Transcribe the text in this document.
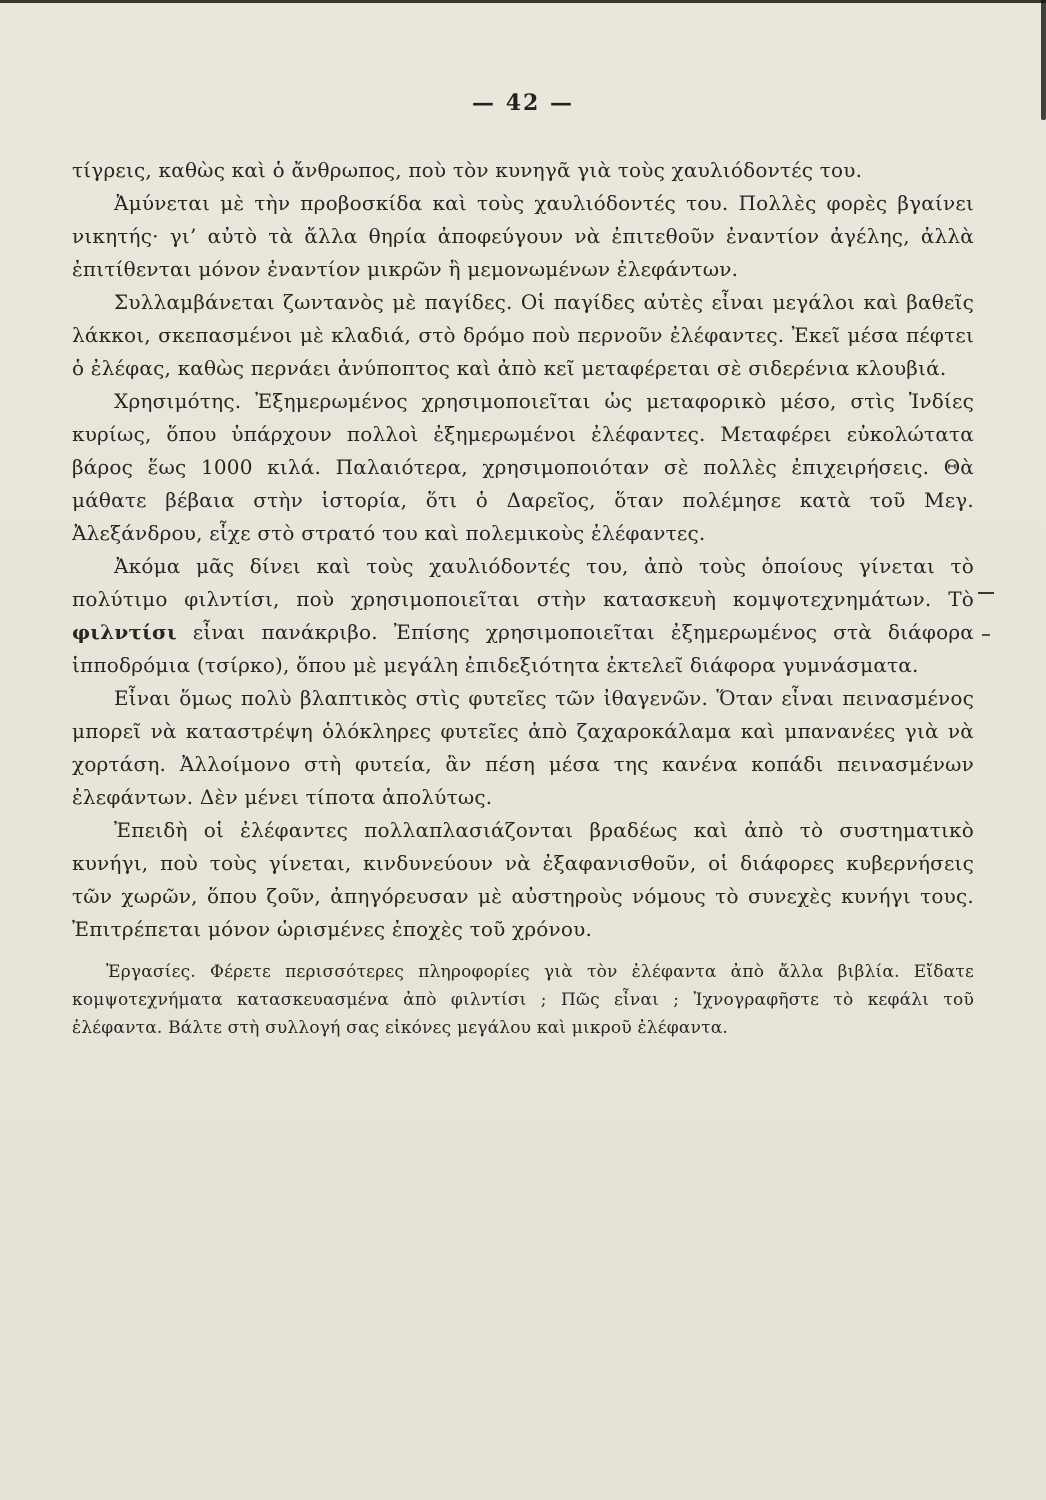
— 42 —

τίγρεις, καθὼς καὶ ὁ ἄνθρωπος, ποὺ τὸν κυνηγᾶ γιὰ τοὺς χαυλιόδοντές του.

Ἀμύνεται μὲ τὴν προβοσκίδα καὶ τοὺς χαυλιόδοντές του. Πολλὲς φορὲς βγαίνει νικητής· γι’ αὐτὸ τὰ ἄλλα θηρία ἀποφεύγουν νὰ ἐπιτεθοῦν ἐναντίον ἀγέλης, ἀλλὰ ἐπιτίθενται μόνον ἐναντίον μικρῶν ἢ μεμονωμένων ἐλεφάντων.

Συλλαμβάνεται ζωντανὸς μὲ παγίδες. Οἱ παγίδες αὐτὲς εἶναι μεγάλοι καὶ βαθεῖς λάκκοι, σκεπασμένοι μὲ κλαδιά, στὸ δρόμο ποὺ περνοῦν ἐλέφαντες. Ἐκεῖ μέσα πέφτει ὁ ἐλέφας, καθὼς περνάει ἀνύποπτος καὶ ἀπὸ κεῖ μεταφέρεται σὲ σιδερένια κλουβιά.

Χρησιμότης. Ἐξημερωμένος χρησιμοποιεῖται ὡς μεταφορικὸ μέσο, στὶς Ἰνδίες κυρίως, ὅπου ὑπάρχουν πολλοὶ ἐξημερωμένοι ἐλέφαντες. Μεταφέρει εὐκολώτατα βάρος ἕως 1000 κιλά. Παλαιότερα, χρησιμοποιόταν σὲ πολλὲς ἐπιχειρήσεις. Θὰ μάθατε βέβαια στὴν ἱστορία, ὅτι ὁ Δαρεῖος, ὅταν πολέμησε κατὰ τοῦ Μεγ. Ἀλεξάνδρου, εἶχε στὸ στρατό του καὶ πολεμικοὺς ἐλέφαντες.

Ἀκόμα μᾶς δίνει καὶ τοὺς χαυλιόδοντές του, ἀπὸ τοὺς ὁποίους γίνεται τὸ πολύτιμο φιλντίσι, ποὺ χρησιμοποιεῖται στὴν κατασκευὴ κομψοτεχνημάτων. Τὸ φιλντίσι εἶναι πανάκριβο. Ἐπίσης χρησιμοποιεῖται ἐξημερωμένος στὰ διάφορα ἱπποδρόμια (τσίρκο), ὅπου μὲ μεγάλη ἐπιδεξιότητα ἐκτελεῖ διάφορα γυμνάσματα.

Εἶναι ὅμως πολὺ βλαπτικὸς στὶς φυτεῖες τῶν ἰθαγενῶν. Ὅταν εἶναι πεινασμένος μπορεῖ νὰ καταστρέψη ὁλόκληρες φυτεῖες ἀπὸ ζαχαροκάλαμα καὶ μπανανέες γιὰ νὰ χορτάση. Ἀλλοίμονο στὴ φυτεία, ἂν πέση μέσα της κανένα κοπάδι πεινασμένων ἐλεφάντων. Δὲν μένει τίποτα ἀπολύτως.

Ἐπειδὴ οἱ ἐλέφαντες πολλαπλασιάζονται βραδέως καὶ ἀπὸ τὸ συστηματικὸ κυνήγι, ποὺ τοὺς γίνεται, κινδυνεύουν νὰ ἐξαφανισθοῦν, οἱ διάφορες κυβερνήσεις τῶν χωρῶν, ὅπου ζοῦν, ἀπηγόρευσαν μὲ αὐστηροὺς νόμους τὸ συνεχὲς κυνήγι τους. Ἐπιτρέπεται μόνον ὡρισμένες ἐποχὲς τοῦ χρόνου.

Ἐργασίες. Φέρετε περισσότερες πληροφορίες γιὰ τὸν ἐλέφαντα ἀπὸ ἄλλα βιβλία. Εἴδατε κομψοτεχνήματα κατασκευασμένα ἀπὸ φιλντίσι ; Πῶς εἶναι ; Ἰχνογραφῆστε τὸ κεφάλι τοῦ ἐλέφαντα. Βάλτε στὴ συλλογή σας εἰκόνες μεγάλου καὶ μικροῦ ἐλέφαντα.
